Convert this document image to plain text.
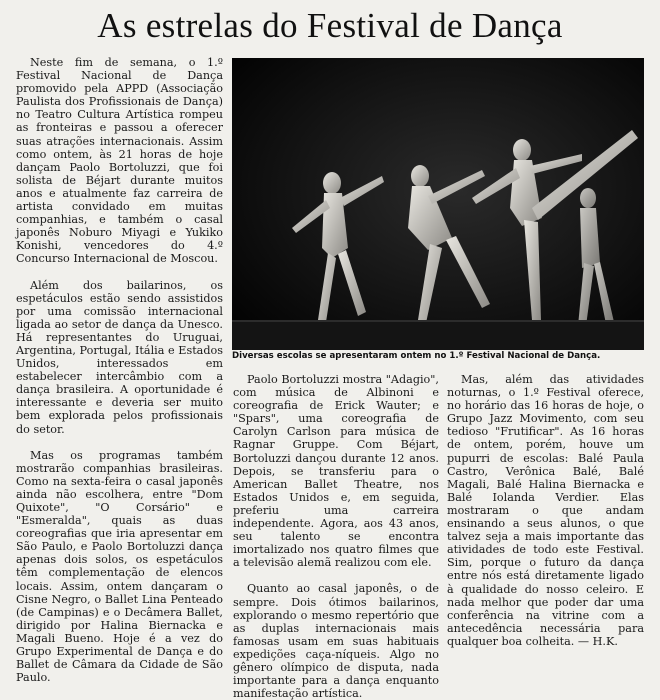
As estrelas do Festival de Dança

Neste fim de semana, o 1.º Festival Nacional de Dança promovido pela APPD (Associação Paulista dos Profissionais de Dança) no Teatro Cultura Artística rompeu as fronteiras e passou a oferecer suas atrações internacionais. Assim como ontem, às 21 horas de hoje dançam Paolo Bortoluzzi, que foi solista de Béjart durante muitos anos e atualmente faz carreira de artista convidado em muitas companhias, e também o casal japonês Noburo Miyagi e Yukiko Konishi, vencedores do 4.º Concurso Internacional de Moscou.

Além dos bailarinos, os espetáculos estão sendo assistidos por uma comissão internacional ligada ao setor de dança da Unesco. Há representantes do Uruguai, Argentina, Portugal, Itália e Estados Unidos, interessados em estabelecer intercâmbio com a dança brasileira. A oportunidade é interessante e deveria ser muito bem explorada pelos profissionais do setor.

Mas os programas também mostrarão companhias brasileiras. Como na sexta-feira o casal japonês ainda não escolhera, entre "Dom Quixote", "O Corsário" e "Esmeralda", quais as duas coreografias que iria apresentar em São Paulo, e Paolo Bortoluzzi dança apenas dois solos, os espetáculos têm complementação de elencos locais. Assim, ontem dançaram o Cisne Negro, o Ballet Lina Penteado (de Campinas) e o Decâmera Ballet, dirigido por Halina Biernacka e Magali Bueno. Hoje é a vez do Grupo Experimental de Dança e do Ballet de Câmara da Cidade de São Paulo.

Diversas escolas se apresentaram ontem no 1.º Festival Nacional de Dança.

Paolo Bortoluzzi mostra "Adagio", com música de Albinoni e coreografia de Erick Wauter; e "Spars", uma coreografia de Carolyn Carlson para música de Ragnar Gruppe. Com Béjart, Bortoluzzi dançou durante 12 anos. Depois, se transferiu para o American Ballet Theatre, nos Estados Unidos e, em seguida, preferiu uma carreira independente. Agora, aos 43 anos, seu talento se encontra imortalizado nos quatro filmes que a televisão alemã realizou com ele.

Quanto ao casal japonês, o de sempre. Dois ótimos bailarinos, explorando o mesmo repertório que as duplas internacionais mais famosas usam em suas habituais expedições caça-níqueis. Algo no gênero olímpico de disputa, nada importante para a dança enquanto manifestação artística.

Mas, além das atividades noturnas, o 1.º Festival oferece, no horário das 16 horas de hoje, o Grupo Jazz Movimento, com seu tedioso "Frutificar". As 16 horas de ontem, porém, houve um pupurri de escolas: Balé Paula Castro, Verônica Balé, Balé Magali, Balé Halina Biernacka e Balé Iolanda Verdier. Elas mostraram o que andam ensinando a seus alunos, o que talvez seja a mais importante das atividades de todo este Festival. Sim, porque o futuro da dança entre nós está diretamente ligado à qualidade do nosso celeiro. E nada melhor que poder dar uma conferência na vitrine com a antecedência necessária para qualquer boa colheita. — H.K.
